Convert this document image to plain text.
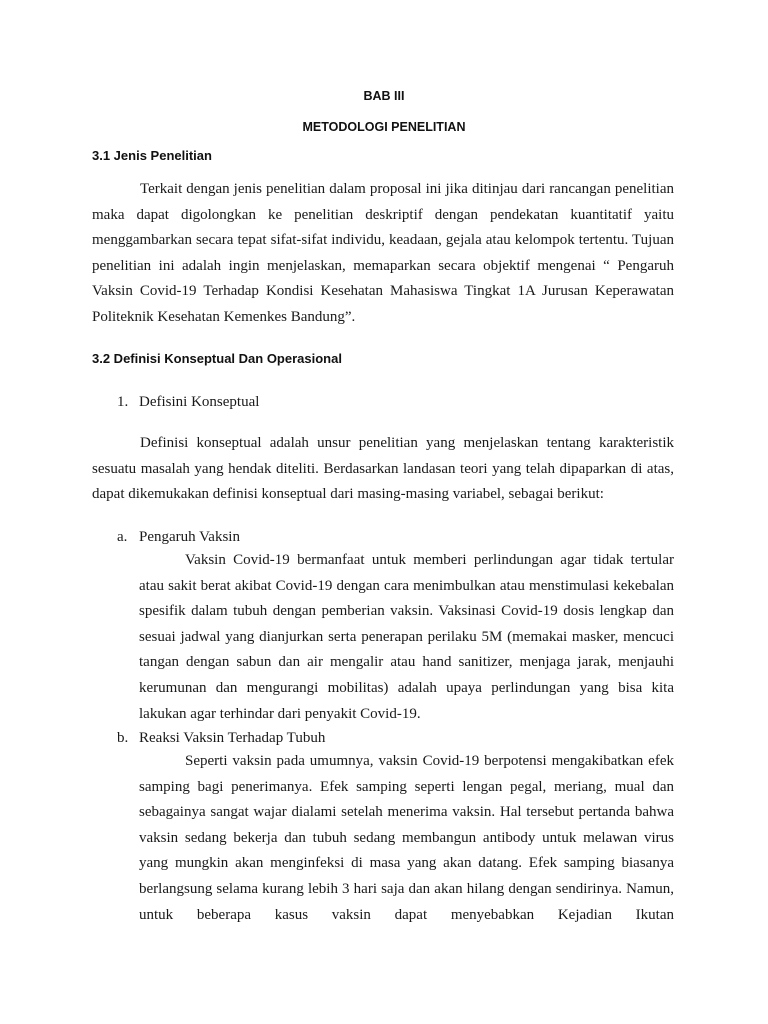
BAB III
METODOLOGI PENELITIAN
3.1 Jenis Penelitian

Terkait dengan jenis penelitian dalam proposal ini jika ditinjau dari rancangan penelitian maka dapat digolongkan ke penelitian deskriptif dengan pendekatan kuantitatif yaitu menggambarkan secara tepat sifat-sifat individu, keadaan, gejala atau kelompok tertentu. Tujuan penelitian ini adalah ingin menjelaskan, memaparkan secara objektif mengenai “ Pengaruh Vaksin Covid-19 Terhadap Kondisi Kesehatan Mahasiswa Tingkat 1A Jurusan Keperawatan Politeknik Kesehatan Kemenkes Bandung”.

3.2 Definisi Konseptual Dan Operasional
1. Defisini Konseptual

Definisi konseptual adalah unsur penelitian yang menjelaskan tentang karakteristik sesuatu masalah yang hendak diteliti. Berdasarkan landasan teori yang telah dipaparkan di atas, dapat dikemukakan definisi konseptual dari masing-masing variabel, sebagai berikut:

a. Pengaruh Vaksin

Vaksin Covid-19 bermanfaat untuk memberi perlindungan agar tidak tertular atau sakit berat akibat Covid-19 dengan cara menimbulkan atau menstimulasi kekebalan spesifik dalam tubuh dengan pemberian vaksin. Vaksinasi Covid-19 dosis lengkap dan sesuai jadwal yang dianjurkan serta penerapan perilaku 5M (memakai masker, mencuci tangan dengan sabun dan air mengalir atau hand sanitizer, menjaga jarak, menjauhi kerumunan dan mengurangi mobilitas) adalah upaya perlindungan yang bisa kita lakukan agar terhindar dari penyakit Covid-19.

b. Reaksi Vaksin Terhadap Tubuh

Seperti vaksin pada umumnya, vaksin Covid-19 berpotensi mengakibatkan efek samping bagi penerimanya. Efek samping seperti lengan pegal, meriang, mual dan sebagainya sangat wajar dialami setelah menerima vaksin. Hal tersebut pertanda bahwa vaksin sedang bekerja dan tubuh sedang membangun antibody untuk melawan virus yang mungkin akan menginfeksi di masa yang akan datang. Efek samping biasanya berlangsung selama kurang lebih 3 hari saja dan akan hilang dengan sendirinya. Namun, untuk beberapa kasus vaksin dapat menyebabkan Kejadian Ikutan
